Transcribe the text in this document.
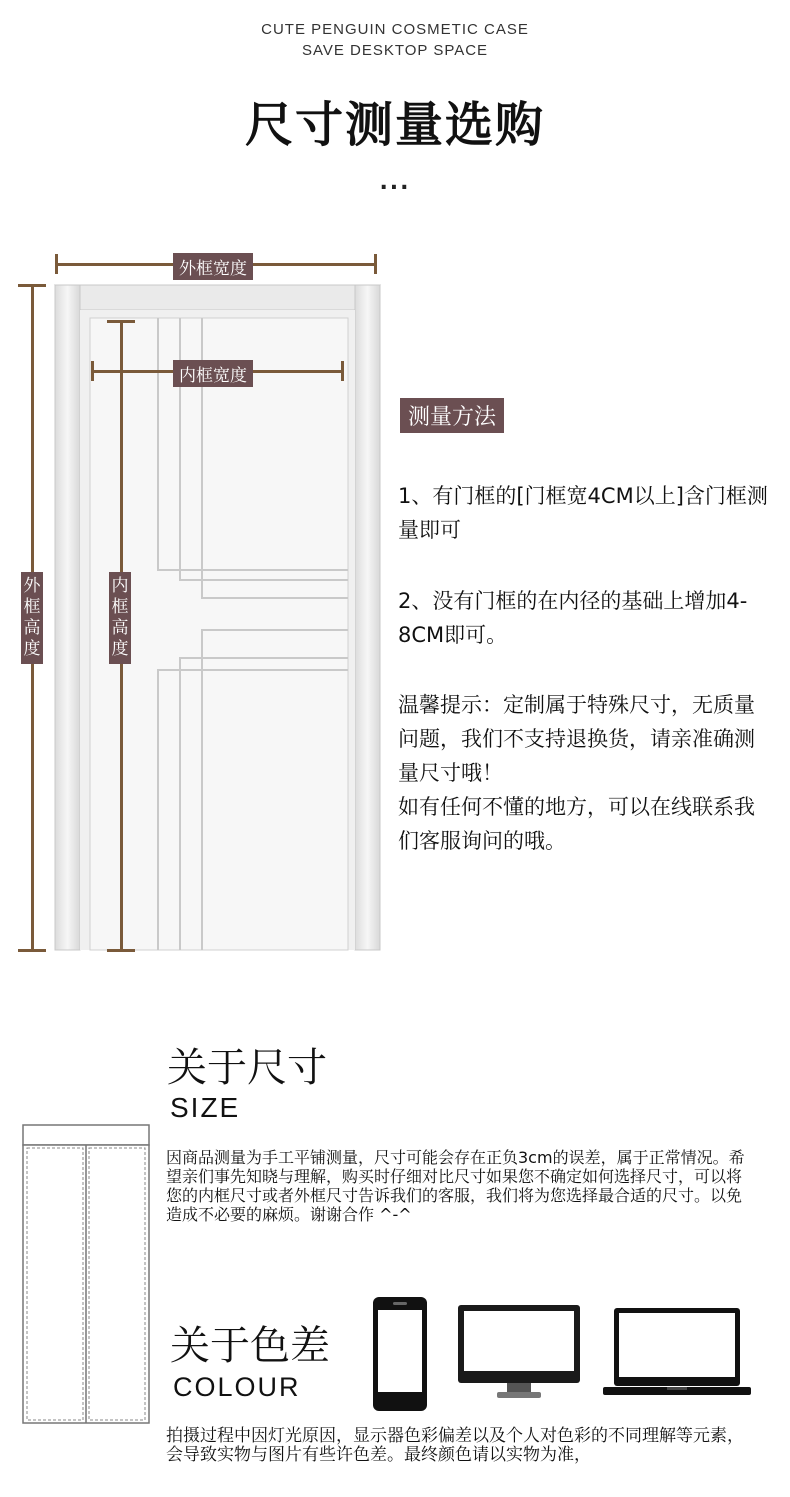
CUTE PENGUIN COSMETIC CASE
SAVE DESKTOP SPACE
尺寸测量选购
...
外框宽度
内框宽度
外框高度
内框高度
测量方法
1、有门框的[门框宽4CM以上]含门框测量即可
2、没有门框的在内径的基础上增加4-8CM即可。
温馨提示：定制属于特殊尺寸，无质量问题，我们不支持退换货，请亲准确测量尺寸哦！
如有任何不懂的地方，可以在线联系我们客服询问的哦。
关于尺寸
SIZE
因商品测量为手工平铺测量，尺寸可能会存在正负3cm的误差，属于正常情况。希望亲们事先知晓与理解，购买时仔细对比尺寸如果您不确定如何选择尺寸，可以将您的内框尺寸或者外框尺寸告诉我们的客服，我们将为您选择最合适的尺寸。以免造成不必要的麻烦。谢谢合作 ^-^
关于色差
COLOUR
拍摄过程中因灯光原因，显示器色彩偏差以及个人对色彩的不同理解等元素，会导致实物与图片有些许色差。最终颜色请以实物为准，
